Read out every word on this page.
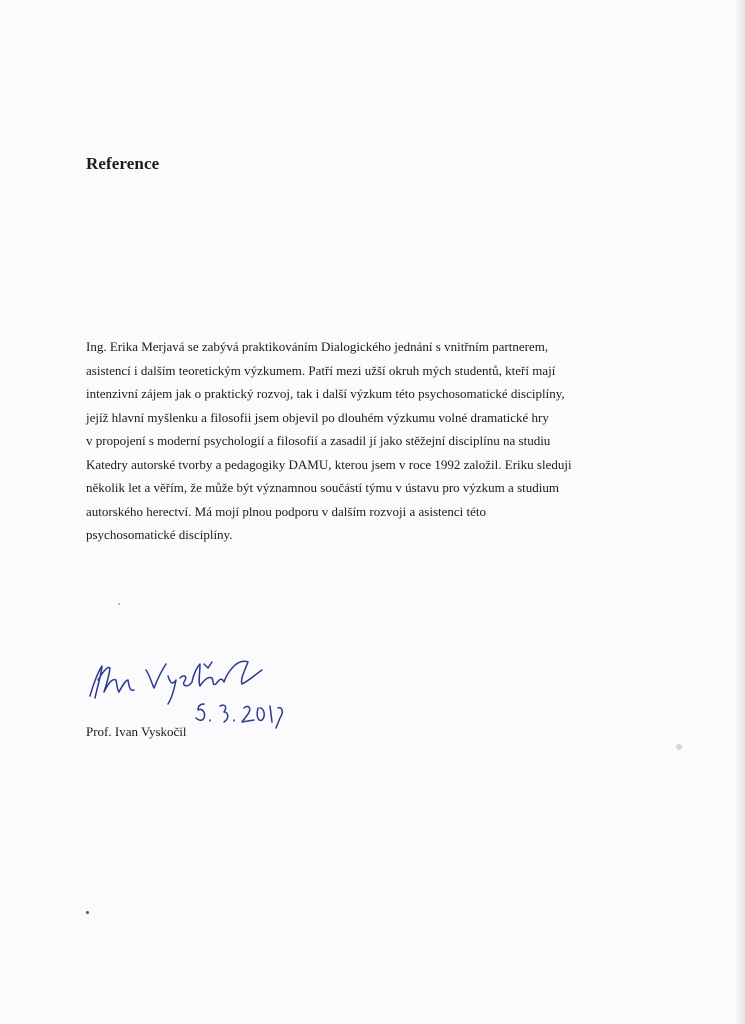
Reference
Ing. Erika Merjavá se zabývá praktikováním Dialogického jednání s vnitřním partnerem,
asistencí i dalším teoretickým výzkumem. Patří mezi užší okruh mých studentů, kteří mají
intenzivní zájem jak o praktický rozvoj, tak i další výzkum této psychosomatické disciplíny,
jejíž hlavní myšlenku a filosofii jsem objevil po dlouhém výzkumu volné dramatické hry
v propojení s moderní psychologií a filosofií a zasadil jí jako stěžejní disciplínu na studiu
Katedry autorské tvorby a pedagogiky DAMU, kterou jsem v roce 1992 založil. Eriku sleduji
několik let a věřím, že může být významnou součástí týmu v ústavu pro výzkum a studium
autorského herectví. Má mojí plnou podporu v dalším rozvoji a asistenci této
psychosomatické disciplíny.

Prof. Ivan Vyskočil
